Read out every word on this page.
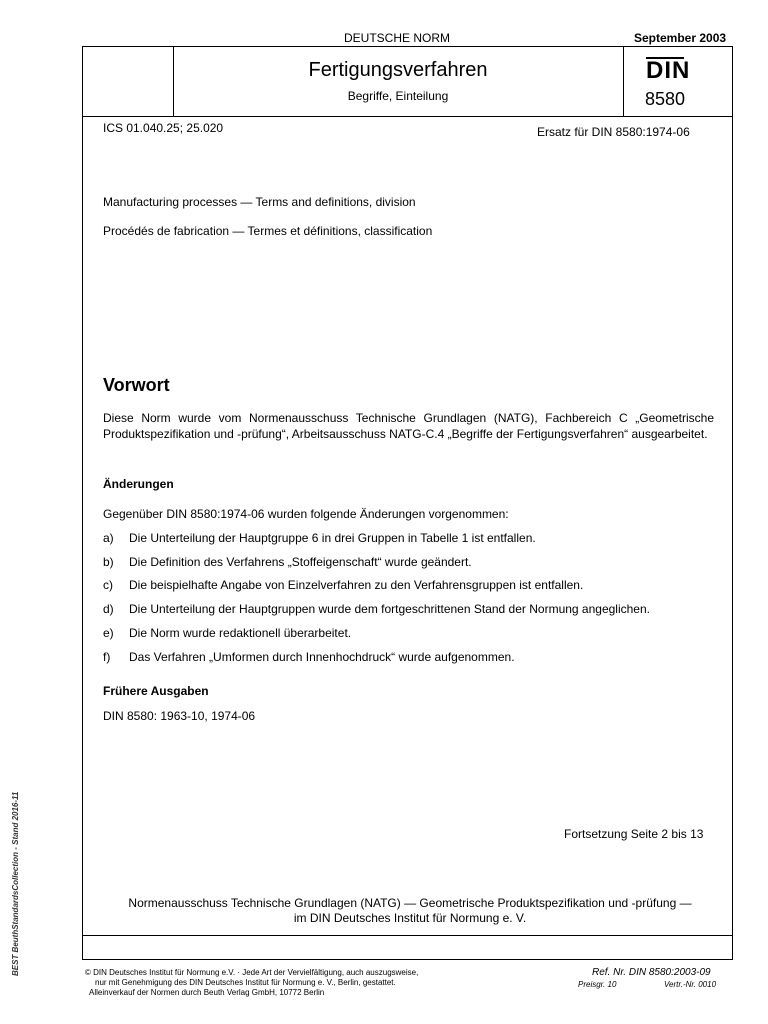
DEUTSCHE NORM	September 2003
Fertigungsverfahren
Begriffe, Einteilung
DIN
8580
ICS 01.040.25; 25.020	Ersatz für DIN 8580:1974-06
Manufacturing processes — Terms and definitions, division
Procédés de fabrication — Termes et définitions, classification
Vorwort
Diese Norm wurde vom Normenausschuss Technische Grundlagen (NATG), Fachbereich C „Geometrische Produktspezifikation und -prüfung“, Arbeitsausschuss NATG-C.4 „Begriffe der Fertigungsverfahren“ ausgearbeitet.
Änderungen
Gegenüber DIN 8580:1974-06 wurden folgende Änderungen vorgenommen:
a) Die Unterteilung der Hauptgruppe 6 in drei Gruppen in Tabelle 1 ist entfallen.
b) Die Definition des Verfahrens „Stoffeigenschaft“ wurde geändert.
c) Die beispielhafte Angabe von Einzelverfahren zu den Verfahrensgruppen ist entfallen.
d) Die Unterteilung der Hauptgruppen wurde dem fortgeschrittenen Stand der Normung angeglichen.
e) Die Norm wurde redaktionell überarbeitet.
f) Das Verfahren „Umformen durch Innenhochdruck“ wurde aufgenommen.
Frühere Ausgaben
DIN 8580: 1963-10, 1974-06
Fortsetzung Seite 2 bis 13
Normenausschuss Technische Grundlagen (NATG) — Geometrische Produktspezifikation und -prüfung —
im DIN Deutsches Institut für Normung e. V.
© DIN Deutsches Institut für Normung e.V. · Jede Art der Vervielfältigung, auch auszugsweise,
nur mit Genehmigung des DIN Deutsches Institut für Normung e. V., Berlin, gestattet.
Alleinverkauf der Normen durch Beuth Verlag GmbH, 10772 Berlin
Ref. Nr. DIN 8580:2003-09
Preisgr. 10	Vertr.-Nr. 0010
BEST BeuthStandardsCollection - Stand 2016-11
